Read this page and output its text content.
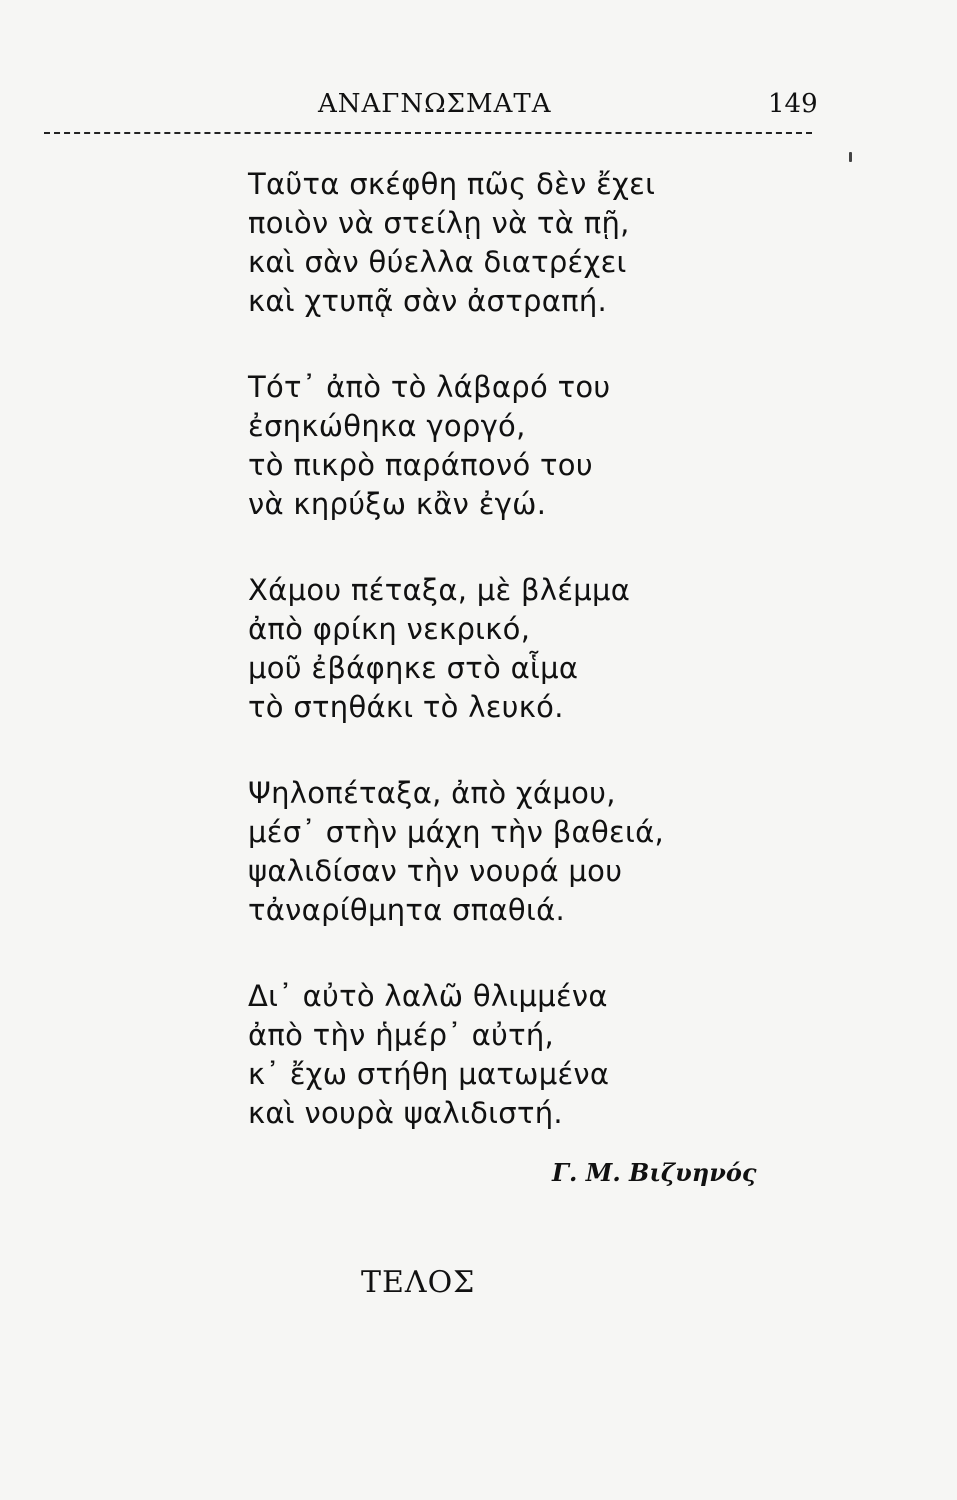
ΑΝΑΓΝΩΣΜΑΤΑ	149
Ταῦτα σκέφθη πῶς δὲν ἔχει
ποιὸν νὰ στείλῃ νὰ τὰ πῇ,
καὶ σὰν θύελλα διατρέχει
καὶ χτυπᾷ σὰν ἀστραπή.
Τότ᾽ ἀπὸ τὸ λάβαρό του
ἐσηκώθηκα γοργό,
τὸ πικρὸ παράπονό του
νὰ κηρύξω κἂν ἐγώ.
Χάμου πέταξα, μὲ βλέμμα
ἀπὸ φρίκη νεκρικό,
μοῦ ἐβάφηκε στὸ αἷμα
τὸ στηθάκι τὸ λευκό.
Ψηλοπέταξα, ἀπὸ χάμου,
μέσ᾽ στὴν μάχη τὴν βαθειά,
ψαλιδίσαν τὴν νουρά μου
τἀναρίθμητα σπαθιά.
Δι᾽ αὐτὸ λαλῶ θλιμμένα
ἀπὸ τὴν ἡμέρ᾽ αὐτή,
κ᾽ ἔχω στήθη ματωμένα
καὶ νουρὰ ψαλιδιστή.
Γ. Μ. Βιζυηνός
ΤΕΛΟΣ
